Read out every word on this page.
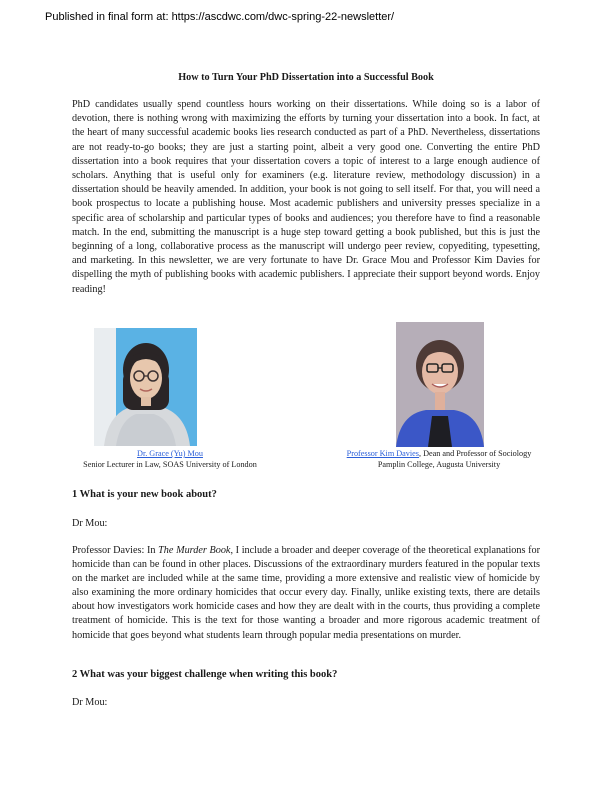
Published in final form at: https://ascdwc.com/dwc-spring-22-newsletter/
How to Turn Your PhD Dissertation into a Successful Book
PhD candidates usually spend countless hours working on their dissertations. While doing so is a labor of devotion, there is nothing wrong with maximizing the efforts by turning your dissertation into a book. In fact, at the heart of many successful academic books lies research conducted as part of a PhD. Nevertheless, dissertations are not ready-to-go books; they are just a starting point, albeit a very good one. Converting the entire PhD dissertation into a book requires that your dissertation covers a topic of interest to a large enough audience of scholars. Anything that is useful only for examiners (e.g. literature review, methodology discussion) in a dissertation should be heavily amended. In addition, your book is not going to sell itself. For that, you will need a book prospectus to locate a publishing house. Most academic publishers and university presses specialize in a specific area of scholarship and particular types of books and audiences; you therefore have to find a reasonable match. In the end, submitting the manuscript is a huge step toward getting a book published, but this is just the beginning of a long, collaborative process as the manuscript will undergo peer review, copyediting, typesetting, and marketing. In this newsletter, we are very fortunate to have Dr. Grace Mou and Professor Kim Davies for dispelling the myth of publishing books with academic publishers. I appreciate their support beyond words. Enjoy reading!
Dr. Grace (Yu) Mou
Senior Lecturer in Law, SOAS University of London
Professor Kim Davies, Dean and Professor of Sociology
Pamplin College, Augusta University
1 What is your new book about?
Dr Mou:
Professor Davies: In The Murder Book, I include a broader and deeper coverage of the theoretical explanations for homicide than can be found in other places. Discussions of the extraordinary murders featured in the popular texts on the market are included while at the same time, providing a more extensive and realistic view of homicide by also examining the more ordinary homicides that occur every day. Finally, unlike existing texts, there are details about how investigators work homicide cases and how they are dealt with in the courts, thus providing a complete treatment of homicide. This is the text for those wanting a broader and more rigorous academic treatment of homicide that goes beyond what students learn through popular media presentations on murder.
2 What was your biggest challenge when writing this book?
Dr Mou:
